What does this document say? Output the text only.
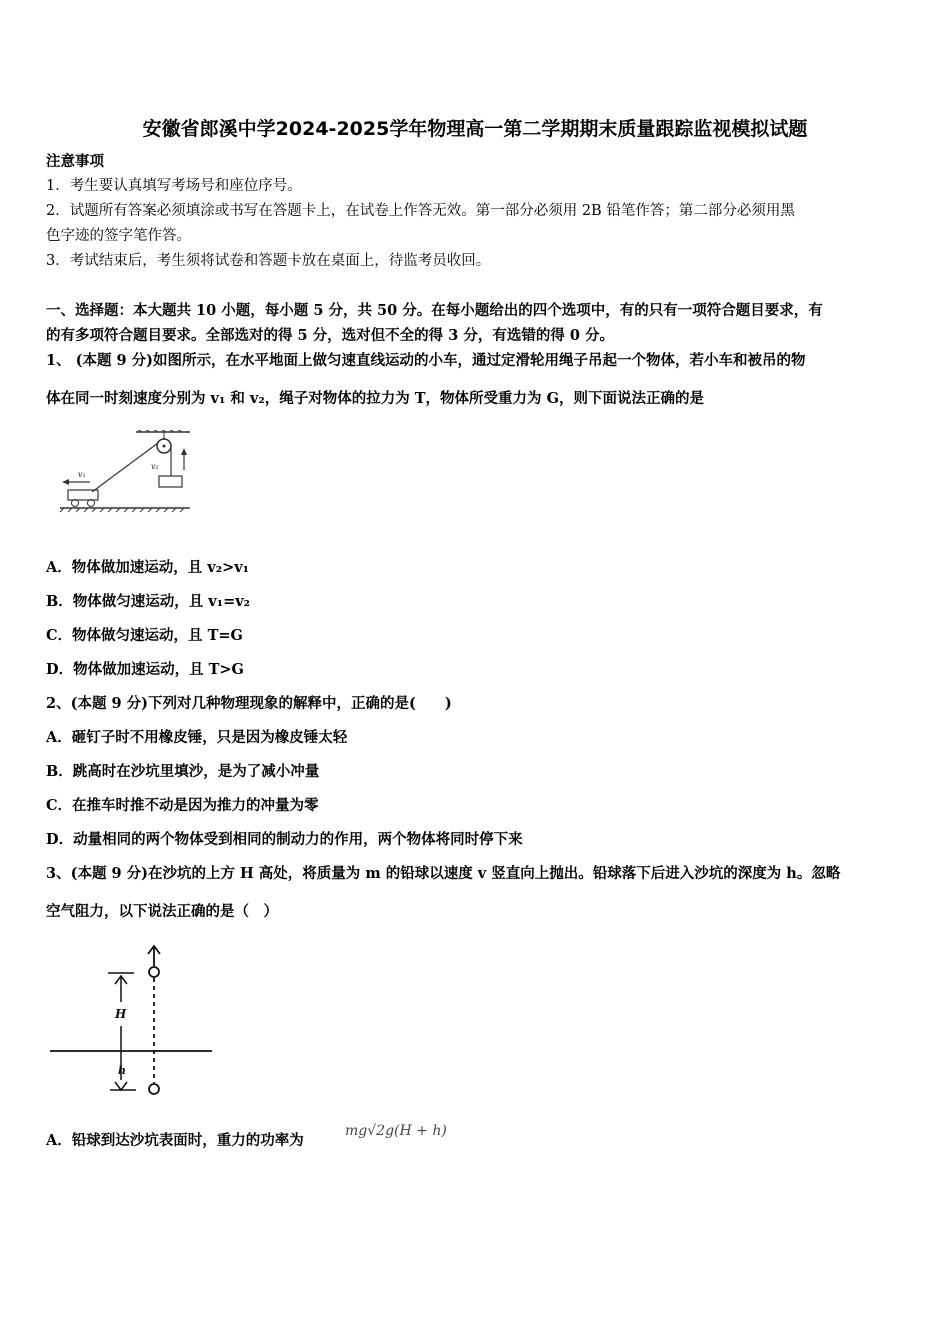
安徽省郎溪中学2024-2025学年物理高一第二学期期末质量跟踪监视模拟试题
注意事项
1．考生要认真填写考场号和座位序号。
2．试题所有答案必须填涂或书写在答题卡上，在试卷上作答无效。第一部分必须用 2B 铅笔作答；第二部分必须用黑
色字迹的签字笔作答。
3．考试结束后，考生须将试卷和答题卡放在桌面上，待监考员收回。
一、选择题：本大题共 10 小题，每小题 5 分，共 50 分。在每小题给出的四个选项中，有的只有一项符合题目要求，有
的有多项符合题目要求。全部选对的得 5 分，选对但不全的得 3 分，有选错的得 0 分。
1、 (本题 9 分)如图所示，在水平地面上做匀速直线运动的小车，通过定滑轮用绳子吊起一个物体，若小车和被吊的物
体在同一时刻速度分别为 v₁ 和 v₂，绳子对物体的拉力为 T，物体所受重力为 G，则下面说法正确的是
v₂
v₁
A．物体做加速运动，且 v₂>v₁
B．物体做匀速运动，且 v₁=v₂
C．物体做匀速运动，且 T=G
D．物体做加速运动，且 T>G
2、(本题 9 分)下列对几种物理现象的解释中，正确的是(　　)
A．砸钉子时不用橡皮锤，只是因为橡皮锤太轻
B．跳高时在沙坑里填沙，是为了减小冲量
C．在推车时推不动是因为推力的冲量为零
D．动量相同的两个物体受到相同的制动力的作用，两个物体将同时停下来
3、(本题 9 分)在沙坑的上方 H 高处，将质量为 m 的铅球以速度 v 竖直向上抛出。铅球落下后进入沙坑的深度为 h。忽略
空气阻力，以下说法正确的是（　）
H
h
A．铅球到达沙坑表面时，重力的功率为
mg√2g(H + h)
